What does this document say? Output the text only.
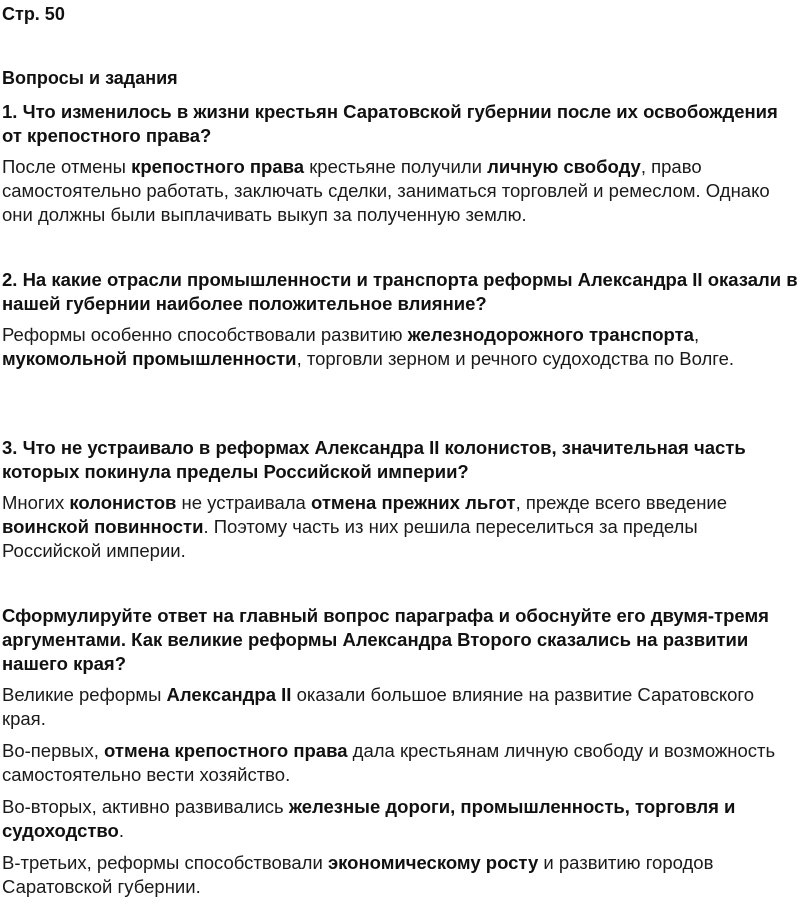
Стр. 50

Вопросы и задания

1. Что изменилось в жизни крестьян Саратовской губернии после их освобождения от крепостного права?

После отмены крепостного права крестьяне получили личную свободу, право самостоятельно работать, заключать сделки, заниматься торговлей и ремеслом. Однако они должны были выплачивать выкуп за полученную землю.

2. На какие отрасли промышленности и транспорта реформы Александра II оказали в нашей губернии наиболее положительное влияние?

Реформы особенно способствовали развитию железнодорожного транспорта, мукомольной промышленности, торговли зерном и речного судоходства по Волге.

3. Что не устраивало в реформах Александра II колонистов, значительная часть которых покинула пределы Российской империи?

Многих колонистов не устраивала отмена прежних льгот, прежде всего введение воинской повинности. Поэтому часть из них решила переселиться за пределы Российской империи.

Сформулируйте ответ на главный вопрос параграфа и обоснуйте его двумя-тремя аргументами. Как великие реформы Александра Второго сказались на развитии нашего края?

Великие реформы Александра II оказали большое влияние на развитие Саратовского края.

Во-первых, отмена крепостного права дала крестьянам личную свободу и возможность самостоятельно вести хозяйство.

Во-вторых, активно развивались железные дороги, промышленность, торговля и судоходство.

В-третьих, реформы способствовали экономическому росту и развитию городов Саратовской губернии.
